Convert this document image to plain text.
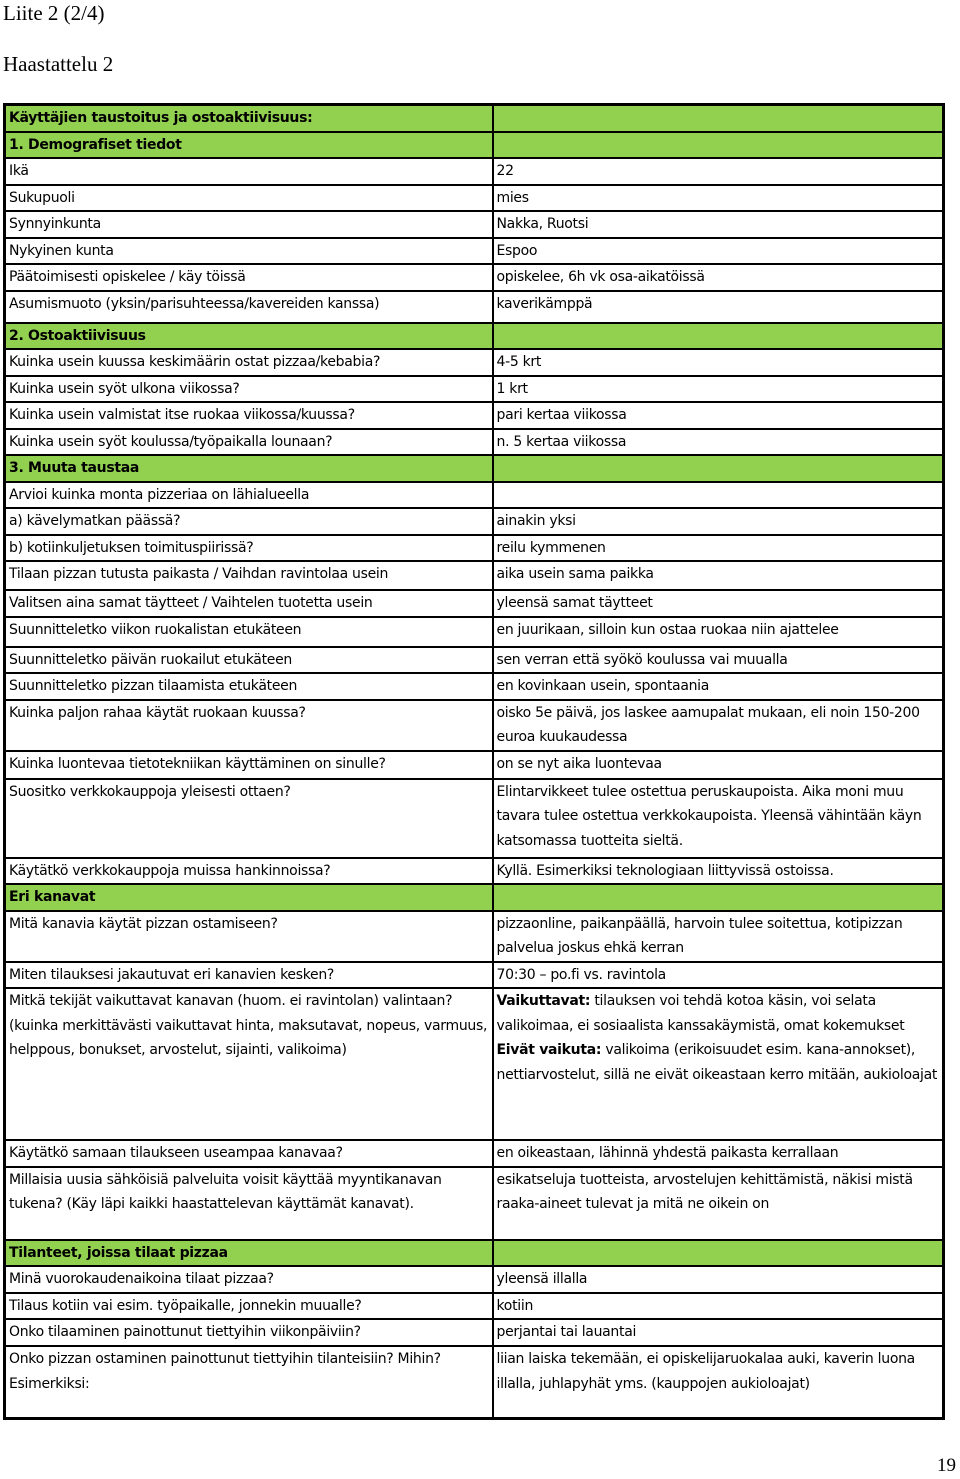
Liite 2 (2/4)
Haastattelu 2
Käyttäjien taustoitus ja ostoaktiivisuus:	
1. Demografiset tiedot	
Ikä	22
Sukupuoli	mies
Synnyinkunta	Nakka, Ruotsi
Nykyinen kunta	Espoo
Päätoimisesti opiskelee / käy töissä	opiskelee, 6h vk osa-aikatöissä
Asumismuoto (yksin/parisuhteessa/kavereiden kanssa)	kaverikämppä
2. Ostoaktiivisuus	
Kuinka usein kuussa keskimäärin ostat pizzaa/kebabia?	4-5 krt
Kuinka usein syöt ulkona viikossa?	1 krt
Kuinka usein valmistat itse ruokaa viikossa/kuussa?	pari kertaa viikossa
Kuinka usein syöt koulussa/työpaikalla lounaan?	n. 5 kertaa viikossa
3. Muuta taustaa	
Arvioi kuinka monta pizzeriaa on lähialueella	
a) kävelymatkan päässä?	ainakin yksi
b) kotiinkuljetuksen toimituspiirissä?	reilu kymmenen
Tilaan pizzan tutusta paikasta / Vaihdan ravintolaa usein	aika usein sama paikka
Valitsen aina samat täytteet / Vaihtelen tuotetta usein	yleensä samat täytteet
Suunnitteletko viikon ruokalistan etukäteen	en juurikaan, silloin kun ostaa ruokaa niin ajattelee
Suunnitteletko päivän ruokailut etukäteen	sen verran että syökö koulussa vai muualla
Suunnitteletko pizzan tilaamista etukäteen	en kovinkaan usein, spontaania
Kuinka paljon rahaa käytät ruokaan kuussa?	oisko 5e päivä, jos laskee aamupalat mukaan, eli noin 150-200 euroa kuukaudessa
Kuinka luontevaa tietotekniikan käyttäminen on sinulle?	on se nyt aika luontevaa
Suositko verkkokauppoja yleisesti ottaen?	Elintarvikkeet tulee ostettua peruskaupoista. Aika moni muu tavara tulee ostettua verkkokaupoista. Yleensä vähintään käyn katsomassa tuotteita sieltä.
Käytätkö verkkokauppoja muissa hankinnoissa?	Kyllä. Esimerkiksi teknologiaan liittyvissä ostoissa.
Eri kanavat	
Mitä kanavia käytät pizzan ostamiseen?	pizzaonline, paikanpäällä, harvoin tulee soitettua, kotipizzan palvelua joskus ehkä kerran
Miten tilauksesi jakautuvat eri kanavien kesken?	70:30 – po.fi vs. ravintola
Mitkä tekijät vaikuttavat kanavan (huom. ei ravintolan) valintaan? (kuinka merkittävästi vaikuttavat hinta, maksutavat, nopeus, varmuus, helppous, bonukset, arvostelut, sijainti, valikoima)	Vaikuttavat: tilauksen voi tehdä kotoa käsin, voi selata valikoimaa, ei sosiaalista kanssakäymistä, omat kokemukset
Eivät vaikuta: valikoima (erikoisuudet esim. kana-annokset), nettiarvostelut, sillä ne eivät oikeastaan kerro mitään, aukioloajat
Käytätkö samaan tilaukseen useampaa kanavaa?	en oikeastaan, lähinnä yhdestä paikasta kerrallaan
Millaisia uusia sähköisiä palveluita voisit käyttää myyntikanavan tukena? (Käy läpi kaikki haastattelevan käyttämät kanavat).	esikatseluja tuotteista, arvostelujen kehittämistä, näkisi mistä raaka-aineet tulevat ja mitä ne oikein on
Tilanteet, joissa tilaat pizzaa	
Minä vuorokaudenaikoina tilaat pizzaa?	yleensä illalla
Tilaus kotiin vai esim. työpaikalle, jonnekin muualle?	kotiin
Onko tilaaminen painottunut tiettyihin viikonpäiviin?	perjantai tai lauantai
Onko pizzan ostaminen painottunut tiettyihin tilanteisiin? Mihin? Esimerkiksi:	liian laiska tekemään, ei opiskelijaruokalaa auki, kaverin luona illalla, juhlapyhät yms. (kauppojen aukioloajat)
19
